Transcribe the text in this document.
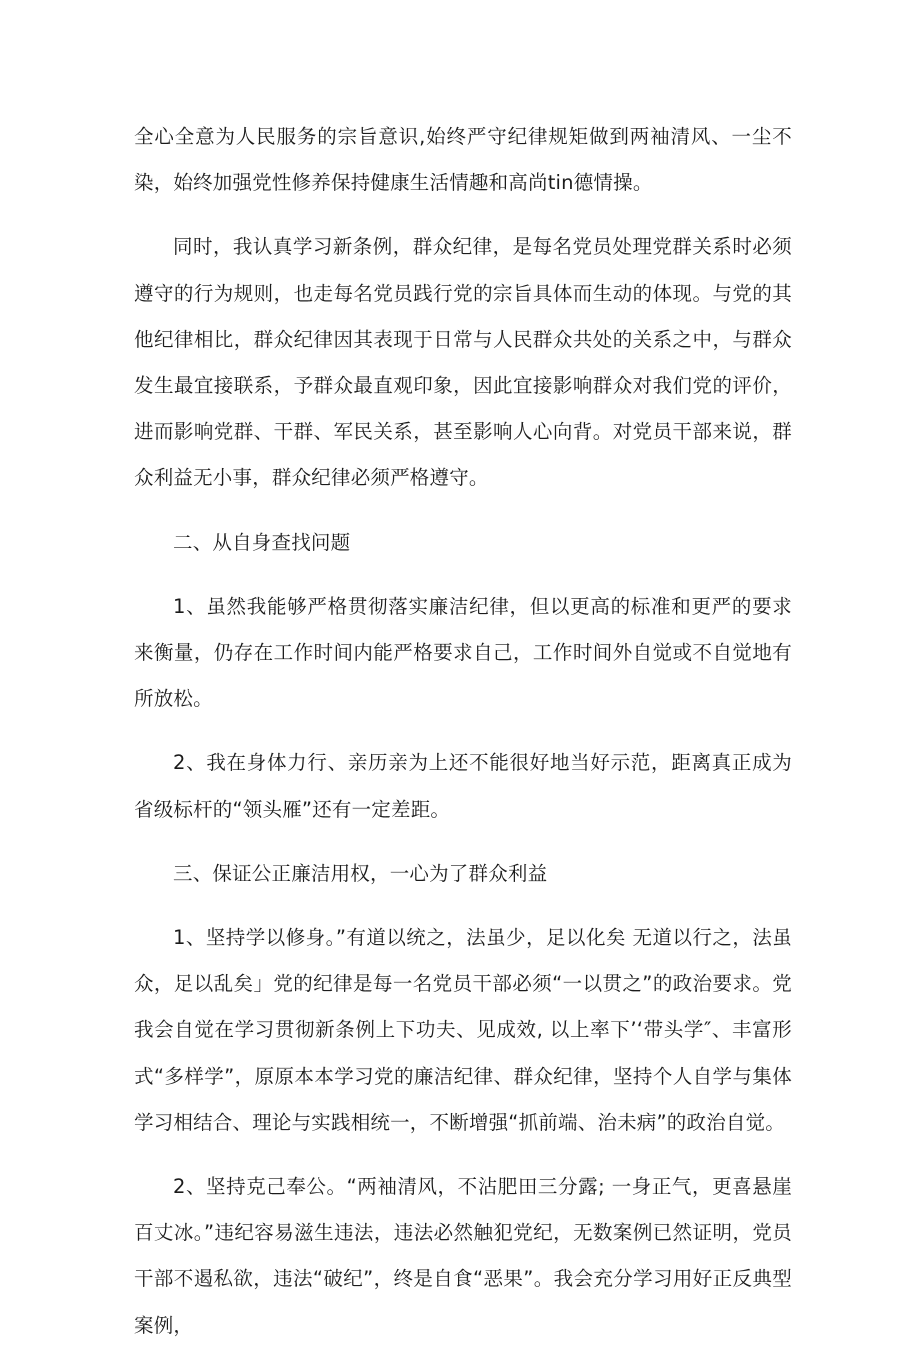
全心全意为人民服务的宗旨意识,始终严守纪律规矩做到两袖清风、一尘不染，始终加强党性修养保持健康生活情趣和高尚tin德情操。

同时，我认真学习新条例，群众纪律，是每名党员处理党群关系时必须遵守的行为规则，也走每名党员践行党的宗旨具体而生动的体现。与党的其他纪律相比，群众纪律因其表现于日常与人民群众共处的关系之中，与群众发生最宜接联系，予群众最直观印象，因此宜接影响群众对我们党的评价，进而影响党群、干群、军民关系，甚至影响人心向背。对党员干部来说，群众利益无小事，群众纪律必须严格遵守。

二、从自身查找问题

1、虽然我能够严格贯彻落实廉洁纪律，但以更高的标准和更严的要求来衡量，仍存在工作时间内能严格要求自己，工作时间外自觉或不自觉地有所放松。

2、我在身体力行、亲历亲为上还不能很好地当好示范，距离真正成为省级标杆的“领头雁”还有一定差距。

三、保证公正廉洁用权，一心为了群众利益

1、坚持学以修身。”有道以统之，法虽少，足以化矣 无道以行之，法虽众，足以乱矣」党的纪律是每一名党员干部必须“一以贯之”的政治要求。党我会自觉在学习贯彻新条例上下功夫、见成效, 以上率下’‘带头学″、丰富形式“多样学”，原原本本学习党的廉洁纪律、群众纪律，坚持个人自学与集体学习相结合、理论与实践相统一，不断增强“抓前端、治未病”的政治自觉。

2、坚持克己奉公。“两袖清风，不沾肥田三分露; 一身正气，更喜悬崖百丈冰。”违纪容易滋生违法，违法必然触犯党纪，无数案例已然证明，党员干部不遏私欲，违法“破纪”，终是自食“恶果”。我会充分学习用好正反典型案例，
